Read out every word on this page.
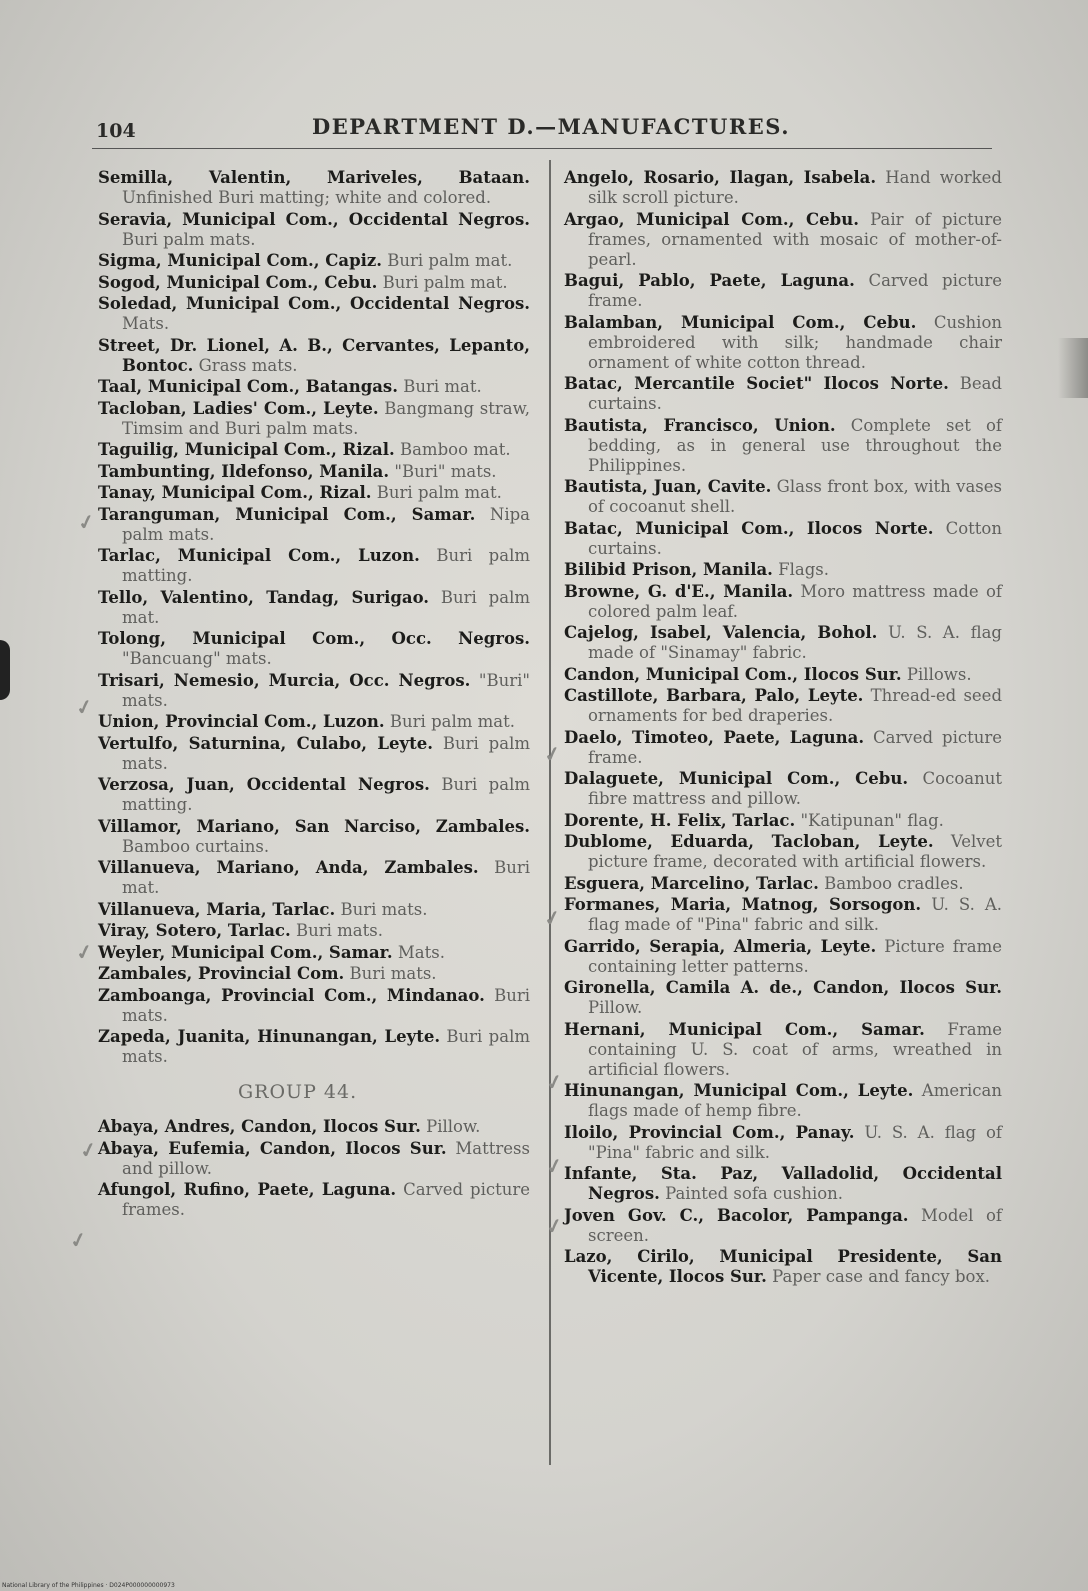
104	DEPARTMENT D.—MANUFACTURES.

Semilla, Valentin, Mariveles, Bataan. Unfinished Buri matting; white and colored.

Seravia, Municipal Com., Occidental Negros. Buri palm mats.

Sigma, Municipal Com., Capiz. Buri palm mat.

Sogod, Municipal Com., Cebu. Buri palm mat.

Soledad, Municipal Com., Occidental Negros. Mats.

Street, Dr. Lionel, A. B., Cervantes, Lepanto, Bontoc. Grass mats.

Taal, Municipal Com., Batangas. Buri mat.

Tacloban, Ladies' Com., Leyte. Bangmang straw, Timsim and Buri palm mats.

Taguilig, Municipal Com., Rizal. Bamboo mat.

Tambunting, Ildefonso, Manila. "Buri" mats.

Tanay, Municipal Com., Rizal. Buri palm mat.

Taranguman, Municipal Com., Samar. Nipa palm mats.

Tarlac, Municipal Com., Luzon. Buri palm matting.

Tello, Valentino, Tandag, Surigao. Buri palm mat.

Tolong, Municipal Com., Occ. Negros. "Bancuang" mats.

Trisari, Nemesio, Murcia, Occ. Negros. "Buri" mats.

Union, Provincial Com., Luzon. Buri palm mat.

Vertulfo, Saturnina, Culabo, Leyte. Buri palm mats.

Verzosa, Juan, Occidental Negros. Buri palm matting.

Villamor, Mariano, San Narciso, Zambales. Bamboo curtains.

Villanueva, Mariano, Anda, Zambales. Buri mat.

Villanueva, Maria, Tarlac. Buri mats.

Viray, Sotero, Tarlac. Buri mats.

Weyler, Municipal Com., Samar. Mats.

Zambales, Provincial Com. Buri mats.

Zamboanga, Provincial Com., Mindanao. Buri mats.

Zapeda, Juanita, Hinunangan, Leyte. Buri palm mats.

GROUP 44.

Abaya, Andres, Candon, Ilocos Sur. Pillow.

Abaya, Eufemia, Candon, Ilocos Sur. Mattress and pillow.

Afungol, Rufino, Paete, Laguna. Carved picture frames.

Angelo, Rosario, Ilagan, Isabela. Hand worked silk scroll picture.

Argao, Municipal Com., Cebu. Pair of picture frames, ornamented with mosaic of mother-of-pearl.

Bagui, Pablo, Paete, Laguna. Carved picture frame.

Balamban, Municipal Com., Cebu. Cushion embroidered with silk; handmade chair ornament of white cotton thread.

Batac, Mercantile Societ" Ilocos Norte. Bead curtains.

Bautista, Francisco, Union. Complete set of bedding, as in general use throughout the Philippines.

Bautista, Juan, Cavite. Glass front box, with vases of cocoanut shell.

Batac, Municipal Com., Ilocos Norte. Cotton curtains.

Bilibid Prison, Manila. Flags.

Browne, G. d'E., Manila. Moro mattress made of colored palm leaf.

Cajelog, Isabel, Valencia, Bohol. U. S. A. flag made of "Sinamay" fabric.

Candon, Municipal Com., Ilocos Sur. Pillows.

Castillote, Barbara, Palo, Leyte. Thread-ed seed ornaments for bed draperies.

Daelo, Timoteo, Paete, Laguna. Carved picture frame.

Dalaguete, Municipal Com., Cebu. Cocoanut fibre mattress and pillow.

Dorente, H. Felix, Tarlac. "Katipunan" flag.

Dublome, Eduarda, Tacloban, Leyte. Velvet picture frame, decorated with artificial flowers.

Esguera, Marcelino, Tarlac. Bamboo cradles.

Formanes, Maria, Matnog, Sorsogon. U. S. A. flag made of "Pina" fabric and silk.

Garrido, Serapia, Almeria, Leyte. Picture frame containing letter patterns.

Gironella, Camila A. de., Candon, Ilocos Sur. Pillow.

Hernani, Municipal Com., Samar. Frame containing U. S. coat of arms, wreathed in artificial flowers.

Hinunangan, Municipal Com., Leyte. American flags made of hemp fibre.

Iloilo, Provincial Com., Panay. U. S. A. flag of "Pina" fabric and silk.

Infante, Sta. Paz, Valladolid, Occidental Negros. Painted sofa cushion.

Joven Gov. C., Bacolor, Pampanga. Model of screen.

Lazo, Cirilo, Municipal Presidente, San Vicente, Ilocos Sur. Paper case and fancy box.

✓
✓
✓
✓
✓
✓
✓
✓
✓
✓
National Library of the Philippines · D024P000000000973
